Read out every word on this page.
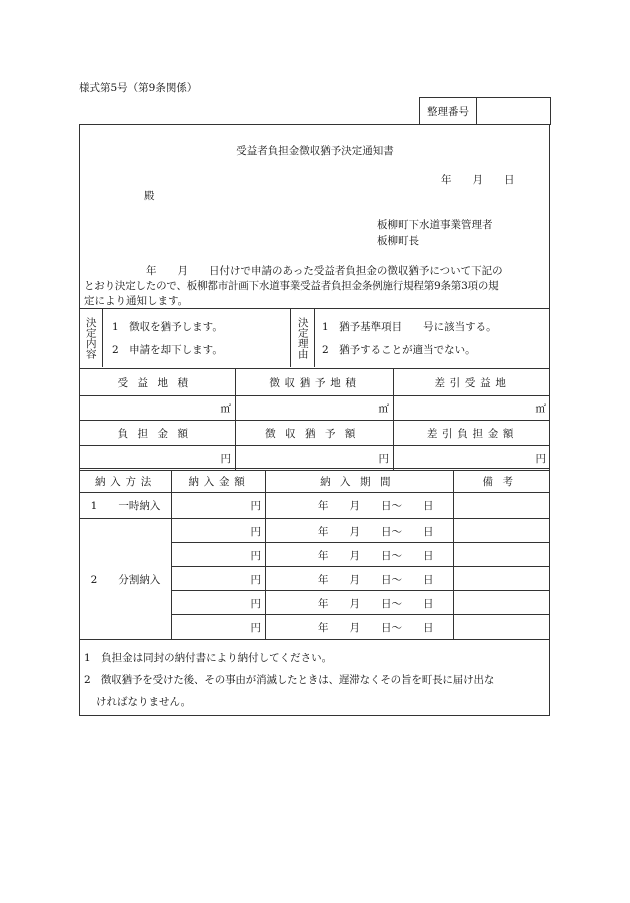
様式第5号（第9条関係）
整理番号
受益者負担金徴収猶予決定通知書
年　　月　　日
殿
板柳町下水道事業管理者
板柳町長
年　　月　　日付けで申請のあった受益者負担金の徴収猶予について下記の
とおり決定したので、板柳都市計画下水道事業受益者負担金条例施行規程第9条第3項の規
定により通知します。
決定内容 1　徴収を猶予します。
2　申請を却下します。	決定理由 1　猶予基準項目　　号に該当する。
2　猶予することが適当でない。
受益地積	徴収猶予地積	差引受益地
㎡	㎡	㎡
負担金額	徴収猶予額	差引負担金額
円	円	円
納入方法	納入金額	納入期間	備考
1　　一時納入	円	年　　月　　日～　　日
2　　分割納入
円	年　　月　　日～　　日
円	年　　月　　日～　　日
円	年　　月　　日～　　日
円	年　　月　　日～　　日
円	年　　月　　日～　　日
1　負担金は同封の納付書により納付してください。
2　徴収猶予を受けた後、その事由が消滅したときは、遅滞なくその旨を町長に届け出な
ければなりません。
